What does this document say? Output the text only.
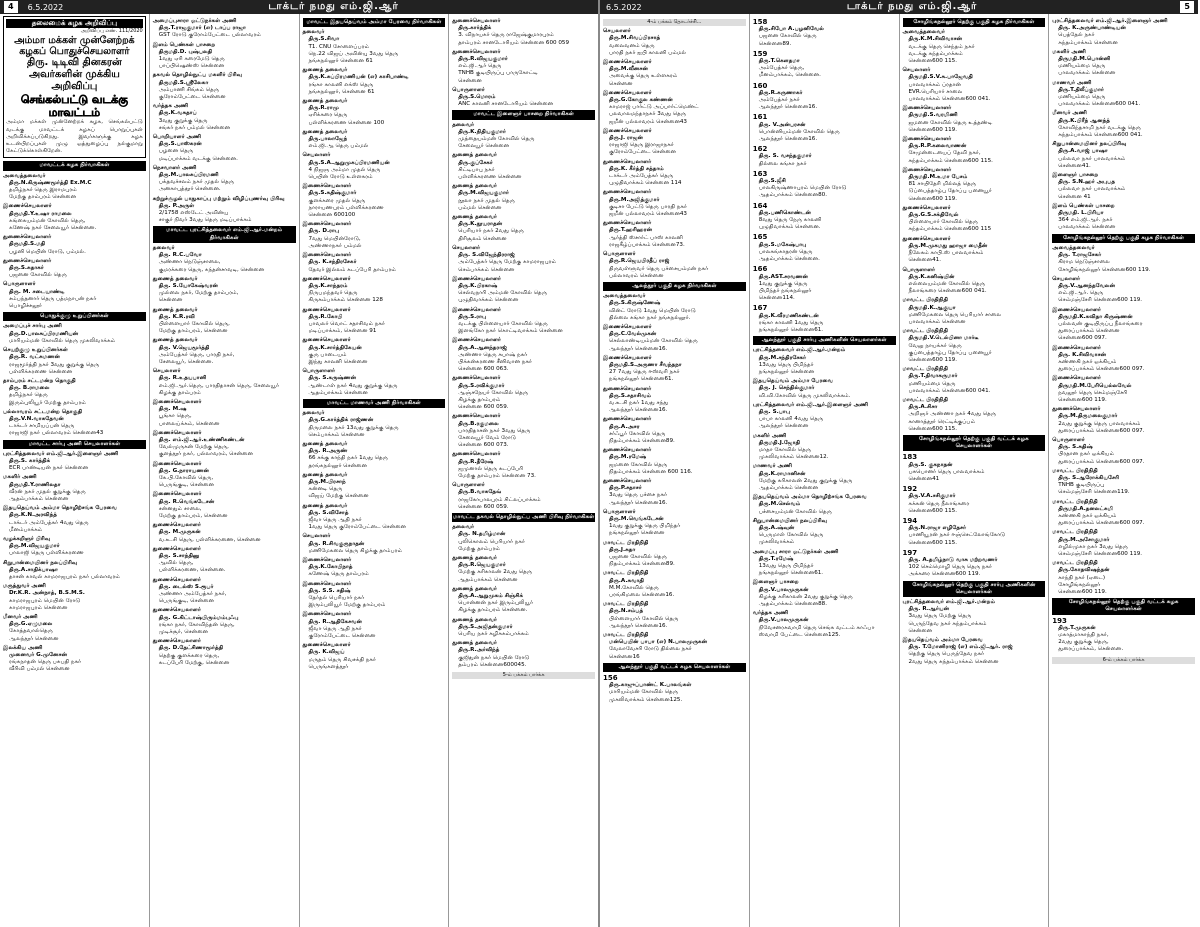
4	6.5.2022	டாக்டர் நமது எம்.ஜி.ஆர்
தலைமைக் கழக அறிவிப்பு
அறிவிப்பு எண். 111/2020
அம்மா மக்கள் முன்னேற்றக் கழகப் பொதுச்செயலாளர்
திரு. டிடிவி தினகரன் அவர்களின் முக்கிய அறிவிப்பு
செங்கல்பட்டு வடக்கு மாவட்டம்
அம்மா மக்கள் முன்னேற்றக் கழக, செங்கல்பட்டு வடக்கு மாவட்டக் கழகப் பொறுப்புகள் அறிவிக்கப்படுகிறது. இவர்களுக்கு கழக உடன்பிறப்புகள் முழு ஒத்துழைப்பு நல்குமாறு கேட்டுக்கொள்கிறேன்.
மாவட்டக் கழக நிர்வாகிகள்
அவைத்தலைவர்
திரு.N.கிருஷ்ணமூர்த்தி Ex.M.C
தமிழ்நகர் தெரு இராமபுரம்
மேற்கு தாம்பரம் சென்னை
இணைச்செயலாளர்
திருமதி.Y.உஷா ராமலை
கங்கையம்மன் கோவில் தெரு,
கணேஷ் நகர் சேலையூர் சென்னை.
துணைச்செயலாளர்
திருமதி.S.மதி
பழனி மெயின் ரோடு, பம்மல்.
துணைச்செயலாளர்
திரு.S.சுதாகர்
பஜனை கோவில் தெரு
பொருளாளர்
திரு. M. சடையாண்டி
சம்பந்தனார் தெரு பத்மநாபன் நகர்
பொழிச்சலூர்
பொதுக்குழு உறுப்பினர்கள்
அமைப்புச் சார்பு அணி
திரு.D.பாலசுப்பிரமணியன்
மாரியம்மன் கோவில் தெரு முகலிவாக்கம்
செயற்குழு உறுப்பினர்கள்
திரு.R. வட்சுமணன்
ராஜமூர்த்தி நகர் 3வது குறுக்கு தெரு
பள்ளிக்கரணை சென்னை
தாம்பரம் சட்டமன்ற தொகுதி
திரு. B.ராமலை
தமிழ்நகர் தெரு
இரும்புலியூர் மேற்கு தாம்பரம்
பல்லாவரம் சட்டமன்ற தொகுதி
திரு.V.N.வாசுதேவன்
டாக்டர் சாமியப்பன் தெரு
ராஜாஜி நகர் பல்லாவரம் சென்னை43
மாவட்ட சார்பு அணி செயலாளர்கள்
புரட்சித்தலைவர் எம்.ஜி.ஆர்.இளைஞர் அணி
திரு.S. கார்த்திக்
ECR பாண்டியன் நகர் சென்னை
மகளிர் அணி
திருமதி.Y.ராணிலதா
வீரன் நகர் முதல் குறுக்கு தெரு
ஆதம்பாக்கம் சென்னை
இதயதெய்வம் அம்மா தொழிற்சங்க பேரவை
திரு.K.N.அரவிந்த்
டாக்டர் அம்பேத்கர் 4வது தெரு
மீனம்பாக்கம்
வழக்கறிஞர் பிரிவு
திரு.M.விஜயகுமார்
பாலாஜி தெரு பள்ளிக்கரணை
சிறுபான்மையினர் நலப்பிரிவு
திரு.A.சாதிக்பாஷா
தாசன் காவல் காமராஜபுரம் நகர் பல்லாவரம்
மருத்துவர் அணி
Dr.K.R. அன்நாத், B.S.M.S.
காமராஜபுரம் மெயின் ரோடு
காமராஜபுரம் சென்னை
மீனவர் அணி
திரு.G.ஏழுமலை
கோத்தவால்தெரு
ஆலந்தூர் சென்னை
இலக்கிய அணி
முனைவர் G.முனேசன்
ரங்கநாதன் தெரு பசுபதி நகர்
வீரிவி பம்மல் சென்னை
அமைப்புசாரா ஓட்டுநர்கள் அணி
திரு.T.ராஜகுமார் (எ) டாப்ப ராஜா
GST ரோடு குரோம்பேட்டை பல்லாவரம்
இளம் பெண்கள் பாசறை
திருமதி.D. புஷ்பலதி
1வது ஏரி கரைமேடு தெரு
பாப்பிஷெண்ஸ் சென்னை
தகவல் தொழில்நுட்ப மகளிர் பிரிவு
திருமதி.S.ஸ்ரீலேகா
அம்பாணி சிங்கம் தெரு
குரோம்பேட்டை சென்னை
வர்த்தக அணி
திரு.K.வசுதாப்
3வது குறுக்கு தெரு
சங்கர் நகர் பம்மல் சென்னை
பொறியாளர் அணி
திரு.S.பாஸ்கரன்
பழனை தெரு
மடிப்பாக்கம் வடக்கு சென்னை.
நெசவாளர் அணி
திரு.M.பாலசுப்பிரமணி
பக்தவச்சலம் நகர் முதல் தெரு
அனகாபுத்தூர் சென்னை.
சுற்றுச்சூழல் பாதுகாப்பு மற்றும் விழிப்புணர்வு பிரிவு
திரு. P.அருள்
2/1758 எஸ்டேட் அவின்யு
சாகுர் நிவர் 3வது தெரு மடிப்பாக்கம்
மாவட்ட புரட்சித்தலைவர் எம்.ஜி.ஆர்.மன்றம் நிர்வாகிகள்
தலைவர்
திரு. R.C.பவோ
அண்ணா நெடுஞ்சாலை,
குமரக்கரை தெரு, கந்தன்சாவடி, சென்னை
துணைத் தலைவர்
திரு. S.யோகேஷ்வரன்
முல்லை நகர், மேற்கு தாம்பரம்,
சென்னை
துணைத் தலைவர்
திரு. K.R.ரவி
பிள்ளையார் கோவில் தெரு,
மேற்கு தாம்பரம், சென்னை
துணைத் தலைவர்
திரு. V.ஜெயமூர்த்தி
அம்பேத்கர் தெரு, பாரதி நகர்,
சேலையூர், சென்னை.
செயலாளர்
திரு. R.உதயபானி
எம்.ஜி.ஆர்.தெரு, பாரதிதாசன் தெரு, சேலையூர்
கிழக்கு தாம்பரம்
இணைச்செயலாளர்
திரு. M.ஷ
பூங்கா தெரு,
பாலைய்க்கம், சென்னை
இணைச்செயலாளர்
திரு. எம்.ஜி.ஆர்.உண்ணிகண்டன்
வேல்முருகன் மேற்கு தெரு,
குளத்தூர் நகர், பல்லாவரம், சென்னை
இணைச்செயலாளர்
திரு. G.நாராயணன்
கே.பி.கோவில் தெரு,
பெருங்குடி, சென்னை
இணைச்செயலாளர்
திரு. R.வெங்கடேசன்
சன்னதும் சாலை,
மேற்கு தாம்பரம், சென்னை
துணைச்செயலாளர்
திரு. M.முருகன்
வ.உ.சி தெரு, பள்ளிக்கரணை, சென்னை
துணைச்செயலாளர்
திரு. S.சாந்தினு
ஆவில் தெரு,
பள்ளிக்கரணை, சென்னை.
துணைச்செயலாளர்
திரு. டைல்ஸ் S.ரூபர்
அண்ணா அம்பேத்கர் நகர்,
பெருங்குடி, சென்னை
துணைச்செயலாளர்
திரு. G.கிட்டாஷ்பிரும்மம்புஃபு
ரங்கா நகர், கோவிந்தன் தெரு,
முடிச்சூர், சென்னை
துணைச்செயலாளர்
திரு. D.தேட்சிணாமூர்த்தி
தெற்கு குளக்கரை தெரு,
கடப்பேரி மேற்கு, சென்னை
மாவட்ட இதயதெய்வம் அம்மா பேரவை நிர்வாகிகள்
தலைவர்
திரு.S.சிவா
T1. CNU சோளைப்பரம்
நெ.22 விஜய் அவின்யு 3வது தெரு
நங்கநல்லூர் சென்னை 61
துணைத் தலைவர்
திரு.K.சுப்பிரமணியன் (எ) காசிபாண்டி
ரங்கா காலனி எக்ஸ் தெரு
நங்கநல்லூர், சென்னை 61
துணைத் தலைவர்
திரு.R.ராமு
ஏரிக்கரை தெரு
பள்ளிக்கரணை சென்னை 100
துணைத் தலைவர்
திரு.பாலாஜேந்
எம்.ஜி.ஆ தெரு பம்மல்
செயலாளர்
திரு.S.A.ஆறுமுகப்பிரமணியன்
4 நிஜஞ அம்மா முதல் தெரு
பெயின் ரோடு உள்ளகரம்
இணைச்செயலாளர்
திரு.S.சுதிஷ்குமார்
குளக்கரை முதல் தெரு
நாராயணபுரம் பள்ளிக்கரணை
சென்னை 600100
இணைச்செயலாளர்
திரு. D.ராபு
7வது மெயின்ரோடு,
அண்ணாநகர் பம்மல்
இணைச்செயலாளர்
திரு. K.சந்திரசேகர்
தேவர் இல்லம் கடப்பேரி தாம்பரம்
துணைச்செயலாளர்
திரு.K.சாந்தரம்
நிருபமந்தவர் தெரு
கிருகம்பாக்கம் சென்னை 128
துணைச்செயலாளர்
திரு.R.கோபி
பாவலர் வொட் சதாசிவம் நகர்
மடிப்பாக்கம், சென்னை 91
துணைச்செயலாளர்
திரு.K.சார்த்திகேயன்
குரு பாடையம்
இந்து காலனி சென்னை
பொருளாளர்
திரு. S.கருஷ்ணன்
ஆண்டாள் நகர் 4வது குறுக்கு தெரு
ஆதம்பாக்கம் சென்னை
மாவட்ட மாணவர் அணி நிர்வாகிகள்
தலைவர்
திரு.G.கார்த்திக் ராஜ்ணன்
திருமலை நகர் 13வது குறுக்கு தெரு
செம்பாக்கம் சென்னை
துணைத் தலைவர்
திரு. R.அருண்
66 சக்கு காந்தி நகர் 1வது தெரு
தரங்கநல்லூர் சென்னை
துணைத் தலைவர்
திரு.M.பிரசாந்
கன்னடி தெரு
விஜய் மேற்கு சென்னை
துணைத் தலைவர்
திரு. S.விசோத்
ஜீவா தெரு ஆதி நகர்
1வது தெரு குரோம்பேட்டை சென்னை
செயலாளர்
திரு. R.சிவகுருநாதன்
மணிமேகலை தெரு கிழக்கு தாம்பரம்
இணைச்செயலாளர்
திரு.K.கோபிநாத்
கணேஷ் தெரு தாம்பரம்
இணைச்செயலாளர்
திரு. S.S. சதிஷ்
தேர்தல் பெரியார் நகர்
இரும்புலியூர் மேற்கு தாம்பரம்
இணைச்செயலாளர்
திரு. R.ஆதிகேசவன்
ஜீவா தெரு ஆதி நகர்
குரோம்பேட்டை சென்னை
துணைச்செயலாளர்
திரு. K.விஜய்
மருதம் தெரு சிவசக்தி நகர்
பெருங்களத்தூர்
துணைச்செயலாளர்
திரு.கார்த்திக்
3. விநாயகர் தெரு ராஜேஷ்குமாரபுரம்
தாம்பரம் சானடோரியம் சென்னை 600 059
துணைச்செயலாளர்
திரு.R.விஜயகுமார்
எம்.ஜி.ஆர் தெரு
TNHB குடியிருப்பு பாருகோட்டி
சென்னை
பொருளாளர்
திரு.S.மொரம்
ANC காலனி சானடோரியம் சென்னை
மாவட்ட இளைஞர் பாசறை நிர்வாகிகள்
தலைவர்
திரு.K.நிதியகுமார்
முத்தையம்மன் கோவில் தெரு
சேலையூர் சென்னை
துணைத் தலைவர்
திரு.குப்சேகர்
சிட்டிபாபு நகர்
பள்ளிக்கரணை சென்னை
துணைத் தலைவர்
திரு.M.விஜயகுமார்
நூலா நகர் முதல் தெரு
பம்மல் சென்னை
துணைத் தலைவர்
திரு.K.தூயராதன்
பெரியார் நகர் 2வது தெரு
திரிசூலம் சென்னை
செயலாளர்
திரு. S.விஜேந்திரராஜ்
அம்பேத்கர் தெரு மேற்கு காமராஜபுரம்
செம்பாக்கம் சென்னை
இணைச்செயலாளர்
திரு.K.பிரகாஷ்
செல்வநாரி அம்மன் கோவில் தெரு
புழுதிவாக்கம் சென்னை
இணைச்செயலாளர்
திரு.S.ராபு
வடக்கு பிள்ளையார் கோவில் தெரு
இளங்கோ நகர் கொட்டிவாக்கம் சென்னை
இணைச்செயலாளர்
திரு.A.ஆனந்தராஜ்
அண்ணா தெரு சுபாஷ் நகர்
பிக்கன்கரணை சீனிவான நகர்
சென்னை 600 063.
துணைச்செயலாளர்
திரு.S.ரவிக்குமார்
ஆஞ்சநேயர் கோவில் தெரு
கிழக்கு தாம்பரம்
சென்னை 600 059.
துணைச்செயலாளர்
திரு.B.ரகுமலை
பாரதிதாசன் நகர் 3வது தெரு
சேலையூர் வேம் ரோடு
சென்னை 600 073.
துணைச்செயலாளர்
திரு.R.தீரேஷ்
ஜமுனால் தெரு கடப்பேரி
மேற்கு தாம்பரம் சென்னை 73.
பொருளாளர்
திரு.B.வாசுதேவ்
ராஜகோபாலபுரம் சிட்லப்பாக்கம்
சென்னை 600 059.
மாவட்ட தகவல் தொழில்நுட்ப அணி பிரிவு நிர்வாகிகள்
தலைவர்
திரு. N.தமிழ்மான்
புலிகொலம் பெரியார் நகர்
மேற்கு தாம்பரம்
துணைத் தலைவர்
திரு.R.ஜெயகுமார்
மேற்கு கரிகாலன் 2வது தெரு
ஆதம்பாக்கம் சென்னை
துணைத் தலைவர்
திரு.A.ஆறுமுகம் சிஞ்சிக்
பொன்னன் நகர் இரும்புலியூர்
கிழக்கு தாம்பரம் சென்னை.
துணைத் தலைவர்
திரு.S.அஜிதன்குமார்
பெரிய நகர் கழிசுகம்பாக்கம்
துணைத் தலைவர்
திரு.R.அர்விந்த்
குஜிதுன் நகர் மெயின் ரோடு
தம்பரம் சென்னை600045.
5-ம் பக்கம் பார்க்க
6.5.2022	டாக்டர் நமது எம்.ஜி.ஆர்	5
4-ம் பக்கம் தொடர்ச்சி...
செயலாளர்
திரு.M.சிவப்பிரசாத்
வலைவனம் தெரு
பாரதி நகர் ஐபி காலனி பம்மல்
இணைச்செயலாளர்
திரு.M.வீனசன்
அவைக்கு தெரு உள்ளகரம்
சென்னை
இணைச்செயலாளர்
திரு.G.கோகுல கண்ணன்
காமராஜ் பார்ட்டு அப்பார்ட்மெண்ட்
பலவாலமந்தாநகர் 3வது தெரு
ஜமீன் பல்லாவரம் சென்னை43
இணைச்செயலாளர்
திரு.J. ராஜன்
ராஜாஜி தெரு இராஜாநகர்
குரோம்பேட்டை சென்னை
துணைச்செயலாளர்
திரு.K. கீர்த்தி சத்தாம்
டாக்டர் அம்பேத்கர் தெரு
புழுதிவாக்கம் சென்னை 114
துணைச்செயலாளர்
திரு.M.அஜித்குமார்
குடிசா பேட்டு தெரு பாரதி நகர்
ஜமீன் பல்லாவரம் சென்னை43
துணைச்செயலாளர்
திரு.T.ஹரிஹரன்
ஆர்த்தி ஸ்சார்ட் பாஸ் காலனி
ராஜகீழ்ப்பாக்கம் சென்னை73.
பொருளாளர்
திரு.R.ஜெயபிரதீப் ராஜ்
திருவள்ளுவர் தெரு பச்சையம்மன் நகர்
பல்லாவரம் சென்னை
ஆலந்தூர் பகுதி கழக நிர்வாகிகள்
அவைத்தலைவர்
திரு.S.கிருஷ்ணேஷ்
வின்ட் ரோடு 1வது மெயின் ரோடு
தில்லை கங்கா நகர் நங்கநல்லூர்.
இணைச்செயலாளர்
திரு.C.வேல்முகன்
செல்லாண்டியம்மன் கோவில் தெரு
ஆலந்தூர் சென்னை16.
இணைச்செயலாளர்
திருமதி.S.அருணா சீவந்தநா
27 7வது தெரு ஈஸ்வரி நகர்
நங்கநல்லூர் சென்னை61.
துணைச்செயலாளர்
திரு.S.சதாசிவம்
வ.உ.சி நகர் 1வது சந்து
ஆலந்தூர் சென்னை16.
துணைச்செயலாளர்
திரு.A.அசர
சர்ஃபூர் கோவில் தெரு
நிதம்பாக்கம் சென்னை89.
துணைச்செயலாளர்
திரு.M.ரமேஷ்
ஜமனை கோவில் தெரு
நிதம்பாக்கம் சென்னை 600 116.
துணைச்செயலாளர்
திரு.P.சதாசர்
3வது தெரு பச்சை நகர்
ஆலந்தூர் சென்னை16.
பொருளாளர்
திரு.M.வெங்கடேசன்
1வது குறுக்கு தெரு பிமிந்தர்
நங்கநல்லூர் சென்னை
மாவட்ட பிரதிநிதி
திரு.J.சுதா
பஜனை கோவில் தெரு
நிதம்பாக்கம் சென்னை89.
மாவட்ட பிரதிநிதி
திரு.A.சுவாதி
M.M.கோவில் தெரு
பரங்கிமலை சென்னை16.
மாவட்ட பிரதிநிதி
திரு.N.சம்பத்
பிள்ளையார் கோவில் தெரு
ஆலந்தூர் சென்னை16.
மாவட்ட பிரதிநிதி
மன்பெயின் பாபா (எ) N.பாலமுருகன்
வேலாவேசரி ரோடு தில்லை நகர்
சென்னை16
ஆலந்தூர் பகுதி வட்டக் கழக செயலாளர்கள்
156
திரு.காஜுப்பாண்ட் K.பாலங்கள்
மாரியம்மன் கோவில் தெரு
முகலிவாக்கம் சென்னை125.
158
திரு.சிபோ A.பழனிவேல்
பஜனை கோவில் தெரு
சென்னை89.
159
திரு.T.கௌதமா
அம்பேத்கர் தெரு,
மீனம்பாக்கம், சென்னை.
160
திரு.R.கருணாகர்
அம்பேத்கர் நகர்
ஆலந்தூர் சென்னை16.
161
திரு. V.அன்பரசன்
பொன்னியம்மன் கோவில் தெரு
ஆலந்தூர் சென்னை16.
162
திரு. S. வசந்தகுமார்
தில்லை கங்கா நகர்
163
திரு.S.ஜீசி
பாலகிருஷ்ணாபுரம் மெயின் ரோடு
ஆதம்பாக்கம் சென்னை80.
164
திரு.பணிகொண்டன்
8வது தெரு நேரு காலனி
புழுதிவாக்கம் சென்னை.
165
திரு.S.மகேஷ்பாபு
பாலகங்காதரன் தெரு
ஆதம்பாக்கம் சென்னை.
166
திரு.AST.சரவணன்
1வது குறுக்கு தெரு
பிமிந்தர் நங்கநல்லூர்
சென்னை114.
167
திரு.K.வீரமணிகண்டன்
ரங்கா காலனி 1வது தெரு
நங்கநல்லூர் சென்னை61.
ஆலந்தூர் பகுதி சார்பு அணிகளின் செயலாளர்கள்
புரட்சித்தலைவர் எம்.ஜி.ஆர்.மன்றம்
திரு.M.சந்திரசேகர்
13வது தெரு பிமிந்தர்
நங்கநல்லூர் சென்னை
இதயதெய்வம் அம்மா பேரவை
திரு. J. செந்தில்குமார்
வி.வி.கோவில் தெரு முகலிவாக்கம்.
புரட்சித்தலைவர் எம்.ஜி.ஆர்.இளைஞர் அணி
திரு. S.பாபு
பாபா காலனி 4வது தெரு
ஆலந்தூர் சென்னை
மகளிர் அணி
திருமதி.J.ஜோதி
மாதா கோவில் தெரு
முகலிவாக்கம் சென்னை12.
மாணவர் அணி
திரு.K.ராமானிசன்
மேற்கு கரிகாலன் 2வது குறுக்கு தெரு
ஆதம்பாக்கம் சென்னை
இதயதெய்வம் அம்மா தொழிற்சங்க பேரவை
திரு.M.செல்வம்
பச்சையம்மன் கோவில் தெரு
சிறுபான்மையினர் நலப்பிரிவு
திரு.A.ஷ்வுன்
பெருமாள் கோவில் தெரு
முகலிவாக்கம்
அமைப்பு சாரா ஓட்டுநர்கள் அணி
திரு.T.ரமேஷ்
13வது தெரு பிமிந்தர்
நங்கநல்லூர் சென்னை61.
இளைஞர் பாசறை
திரு.V.பாலமுருகன்
கிழக்கு கரிகாலன் 2வது குறுக்கு தெரு
ஆதம்பாக்கம் சென்னை88.
வர்த்தக அணி
திரு.V.பாலமுருகன்
நிவேசனரசுவாமி தெரு செங்க வட்டம் காஃபா
ஸ்வாமி பேட்டை சென்னை125.
சோழிங்கநல்லூர் தெற்கு பகுதி கழக நிர்வாகிகள்
அவைத்தலைவர்
திரு.K.M.சிவிவாசன்
வடக்கு தெரு செந்தம் நகர்
வடக்கு சுந்தம்பாக்கம்
சென்னை600 115.
செயலாளர்
திருமதி.S.V.சு.பாஜேவதி
பாலவாக்கம் ப்ரதான்
EVR.பெரியார் சாலை
பாலவாக்கம் சென்னை600 041.
இணைச்செயலாளர்
திருமதி.S.வரமிணி
ஜமனை கோவில் தெரு உத்தண்டி
சென்னை600 119.
இணைச்செயலாளர்
திரு.R.P.கலைவாணன்
சேமுன்டையைப் தேவி நகர்,
சுந்தம்பாக்கம் சென்னை600 115.
இணைச்செயலாளர்
திருமதி.M.உமா பேசம்
81 சாயிதேரி மில்லத் தெரு
டுப்பைத்தாழ்பு தோப்பு பனையூர்
சென்னை600 119.
துணைச்செயலாளர்
திரு.G.S.சக்திவேல்
பிள்ளையார் கோவில் தெரு
சுந்தம்பாக்கம் சென்னை600 115
துணைச்செயலாளர்
திரு.M.முகமது ஹாஜா மைதீன்
நீலேகம் காபி.ஸ் பாலவாக்கம்
சென்னை41.
பொருளாளர்
திரு.K.கனிஷ்யின்
எல்லையம்மன் கோவில் தெரு
நீலாங்கரை சென்னை600 041.
மாவட்ட பிரதிநிதி
திருமதி.K.ஆகுயா
மணிமேகலை தெரு பெரியார் சாலை
பாலவாக்கம் சென்னை
மாவட்ட பிரதிநிதி
திருமதி.V.டெல்பினா மார்டீ
வேலு நாயக்கர் தெரு
குப்பைத்தாழ்பு தோப்பு பனையூர்
சென்னை600 119.
மாவட்ட பிரதிநிதி
திரு.T.திவாகருமார்
மணியம்மை தெரு
பாலவாக்கம் சென்னை600 041.
மாவட்ட பிரதிநிதி
திரு.A.சிசா
அறிஞர் அண்ணா நகர் 4வது தெரு
கானாத்தூர் ரெட்டிக்குப்பம்
சென்னை600 115.
சோழிங்கநல்லூர் தெற்கு பகுதி வட்டக் கழக செயலாளர்கள்
183
திரு.S. குகநாதன்
பசுபொனர் தெரு பாலவாக்கம்
சென்னை41
192
திரு.V.A.சசிகுமார்
கக்கன் தெரு நீலாங்கரை
சென்னை600 115.
194
திரு.N.ராஜா எழிதேசர்
பாணியூரன் நகர் ஈஞ்செட்லோங்கோடு
சென்னை600 115.
197
திரு. A.தமிழ்நாடு வாசு மற்றவணர்
102 செம்மொழி தெரு தெரு நகர்
அக்கரை சென்னை600 119.
சோழிங்கநல்லூர் தெற்கு பகுதி சார்பு அணிகளின் செயலாளர்கள்
புரட்சித்தலைவர் எம்.ஜி.ஆர்.மன்றம்
திரு. R.ஆர்யன்
3வது தெரு மேற்கு தெரு
பெருந்தேவ நகர் சுந்தம்பாக்கம்
சென்னை
இதயதெய்வம் அம்மா பேரவை
திரு. T.மோனிராஜ் (எ) எம்.ஜி.ஆர். ராஜ்
தெற்கு தெரு பெருந்தேவ நகர்
2வது தெரு சுந்தம்பாக்கம் சென்னை
புரட்சித்தலைவர் எம்.ஜி.ஆர்.இளைஞர் அணி
திரு. K.அருண்பாண்டியன்
பெத்தேல் நகர்
சுந்தம்பாக்கம் சென்னை
மகளிர் அணி
திருமதி.M.பொன்னி
மணியம்மை தெரு
பாலவாக்கம் சென்னை
மாணவர் அணி
திரு.T.திலீப்குமார்
மணியம்மை தெரு
பாலவாக்கம் சென்னை600 041.
மீனவர் அணி
திரு.K.பிரீந் ஆனந்த்
கோவிந்தசாமி நகர் வடக்கு தெரு
சுந்தம்பாக்கம் சென்னை600 041.
சிறுபான்மையினர் நலப்பிரிவு
திரு.A.வாஜ் பாஷா
பல்லவா நகர் பாலவாக்கம்
சென்னை41.
இளைஞர் பாசறை
திரு. S.N.ஹர் அபுபத
பல்லவா நகர் பாலவாக்கம்
சென்னை 41
இளம் பெண்கள் பாசறை
திருமதி. L.பிரியா
364 எம்.ஜி.ஆர். நகர்
பாலவாக்கம் சென்னை
சோழிங்கநல்லூர் தெற்கு பகுதி கழக நிர்வாகிகள்
அவைத்தலைவர்
திரு. T.ராஜசேகர்
கிராம நெடுஞ்சாலை
சோழிங்கநல்லூர் சென்னை600 119.
செயலாளர்
திரு.V.ஆனந்தவேலன்
எம்.ஜி.ஆர். தெரு
செம்மஞ்சேரி சென்னை600 119.
இணைச்செயலாளர்
திருமதி.K.கவிதா கிருஷ்ணன்
பல்லவன் குடியிருப்பு நீலாங்கரை
துரைப்பாக்கம் சென்னை
சென்னை600 097.
இணைச்செயலாளர்
திரு. K.சிவிவாசன்
கண்ணகி நகர் ஒக்கியம்
துரைப்பாக்கம் சென்னை600 097.
இணைச்செயலாளர்
திருமதி.M.பேரியெல்லவேல்
நவலூர் தெரு செம்மஞ்சேரி
சென்னை600 119.
துணைச்செயலாளர்
திரு.M.திருமலைகுமார்
2வது குறுக்கு தெரு பாலவாக்கம்
துரைப்பாக்கம் சென்னை600 097.
பொருளாளர்
திரு. S.சுதிஷ்
பிரதான நகர் ஒக்கியம்
துரைப்பாக்கம் சென்னை600 097.
மாவட்ட பிரதிநிதி
திரு. S.ஆரோக்கியசேரி
TNHB குடியிருப்பு
செம்மஞ்சேரி சென்னை119.
மாவட்ட பிரதிநிதி
திருமதி.A.தனலட்சுமி
கண்ணகி நகர் ஒக்கியம்
துரைப்பாக்கம் சென்னை600 097.
மாவட்ட பிரதிநிதி
திரு.M.அசோகுமார்
எழில்முகா நகர் 3வது தெரு
செம்மஞ்சேரி சென்னை600 119.
மாவட்ட பிரதிநிதி
திரு.கோதவிஷந்தன்
காந்தி நகர் (ஏடை)
சோழிங்கநல்லூர்
சென்னை600 119.
சோழிங்கநல்லூர் தெற்கு பகுதி வட்டக் கழக செயலாளர்கள்
193
திரு.T.முருகன்
மகாத்மாகாந்தி நகர்,
2வது குறுக்கு தெரு,
துரைப்பாக்கம், சென்னை.
6-ம் பக்கம் பார்க்க
